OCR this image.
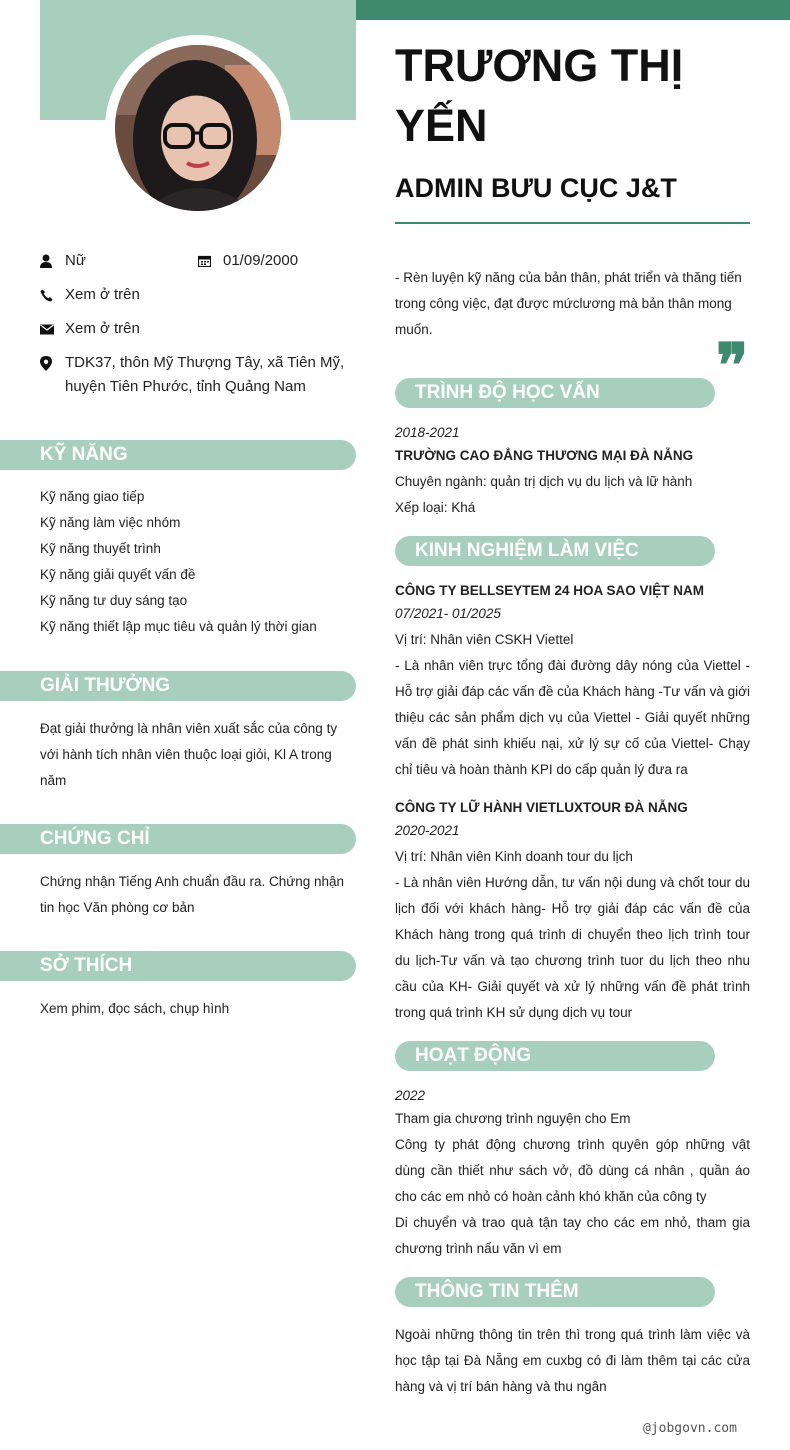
Nữ	01/09/2000
Xem ở trên
Xem ở trên
TDK37, thôn Mỹ Thượng Tây, xã Tiên Mỹ, huyện Tiên Phước, tỉnh Quảng Nam
KỸ NĂNG
Kỹ năng giao tiếp
Kỹ năng làm việc nhóm
Kỹ năng thuyết trình
Kỹ năng giải quyết vấn đề
Kỹ năng tư duy sáng tạo
Kỹ năng thiết lập mục tiêu và quản lý thời gian
GIẢI THƯỞNG
Đạt giải thưởng là nhân viên xuất sắc của công ty với hành tích nhân viên thuộc loại giỏi, Kl A trong năm
CHỨNG CHỈ
Chứng nhận Tiếng Anh chuẩn đầu ra. Chứng nhận tin học Văn phòng cơ bản
SỞ THÍCH
Xem phim, đọc sách, chụp hình
TRƯƠNG THỊ YẾN
ADMIN BƯU CỤC J&T
- Rèn luyện kỹ năng của bản thân, phát triển và thăng tiến trong công việc, đạt được mứclương mà bản thân mong muốn.
❞
TRÌNH ĐỘ HỌC VẤN
2018-2021
TRƯỜNG CAO ĐẲNG THƯƠNG MẠI ĐÀ NẴNG
Chuyên ngành: quản trị dịch vụ du lịch và lữ hành
Xếp loại: Khá
KINH NGHIỆM LÀM VIỆC
CÔNG TY BELLSEYTEM 24 HOA SAO VIỆT NAM
07/2021- 01/2025
Vị trí: Nhân viên CSKH Viettel
- Là nhân viên trực tổng đài đường dây nóng của Viettel - Hỗ trợ giải đáp các vấn đề của Khách hàng -Tư vấn và giới thiệu các sản phẩm dịch vụ của Viettel - Giải quyết những vấn đề phát sinh khiếu nại, xử lý sự cố của Viettel- Chạy chỉ tiêu và hoàn thành KPI do cấp quản lý đưa ra
CÔNG TY LỮ HÀNH VIETLUXTOUR ĐÀ NẴNG
2020-2021
Vị trí: Nhân viên Kinh doanh tour du lịch
- Là nhân viên Hướng dẫn, tư vấn nội dung và chốt tour du lịch đối với khách hàng- Hỗ trợ giải đáp các vấn đề của Khách hàng trong quá trình di chuyển theo lịch trình tour du lịch-Tư vấn và tạo chương trình tuor du lịch theo nhu cầu của KH- Giải quyết và xử lý những vấn đề phát trình trong quá trình KH sử dụng dịch vụ tour
HOẠT ĐỘNG
2022
Tham gia chương trình nguyện cho Em
Công ty phát động chương trình quyên góp những vật dùng cần thiết như sách vở, đồ dùng cá nhân , quần áo cho các em nhỏ có hoàn cảnh khó khăn của công ty
Di chuyển và trao quà tận tay cho các em nhỏ, tham gia chương trình nấu văn vì em
THÔNG TIN THÊM
Ngoài những thông tin trên thì trong quá trình làm việc và học tập tại Đà Nẵng em cuxbg có đi làm thêm tại các cửa hàng và vị trí bán hàng và thu ngân
@jobgovn.com
